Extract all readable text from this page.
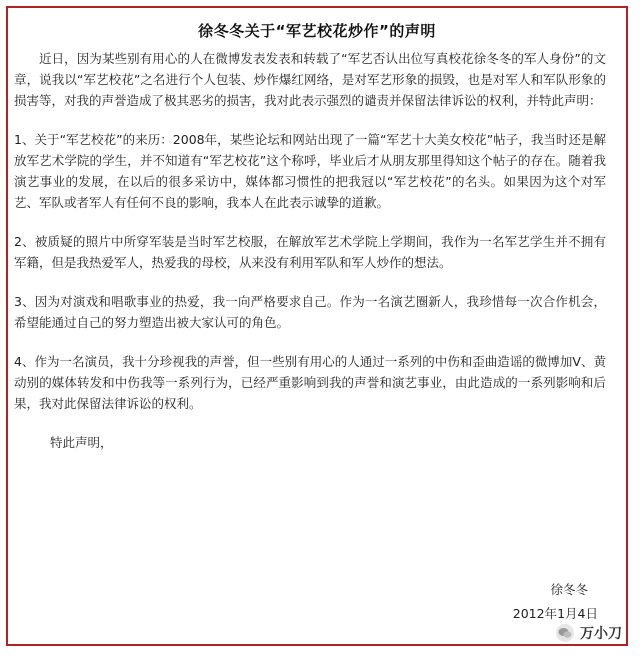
徐冬冬关于“军艺校花炒作”的声明

近日，因为某些别有用心的人在微博发表发表和转载了“军艺否认出位写真校花徐冬冬的军人身份”的文章，说我以“军艺校花”之名进行个人包装、炒作爆红网络，是对军艺形象的损毁，也是对军人和军队形象的损害等，对我的声誉造成了极其恶劣的损害，我对此表示强烈的谴责并保留法律诉讼的权利，并特此声明：

1、关于“军艺校花”的来历：2008年，某些论坛和网站出现了一篇“军艺十大美女校花”帖子，我当时还是解放军艺术学院的学生，并不知道有“军艺校花”这个称呼，毕业后才从朋友那里得知这个帖子的存在。随着我演艺事业的发展，在以后的很多采访中，媒体都习惯性的把我冠以“军艺校花”的名头。如果因为这个对军艺、军队或者军人有任何不良的影响，我本人在此表示诚挚的道歉。

2、被质疑的照片中所穿军装是当时军艺校服，在解放军艺术学院上学期间，我作为一名军艺学生并不拥有军籍，但是我热爱军人，热爱我的母校，从来没有利用军队和军人炒作的想法。

3、因为对演戏和唱歌事业的热爱，我一向严格要求自己。作为一名演艺圈新人，我珍惜每一次合作机会，希望能通过自己的努力塑造出被大家认可的角色。

4、作为一名演员，我十分珍视我的声誉，但一些别有用心的人通过一系列的中伤和歪曲造谣的微博加V、黄动别的媒体转发和中伤我等一系列行为，已经严重影响到我的声誉和演艺事业，由此造成的一系列影响和后果，我对此保留法律诉讼的权利。

特此声明，

徐冬冬
2012年1月4日
万小刀
